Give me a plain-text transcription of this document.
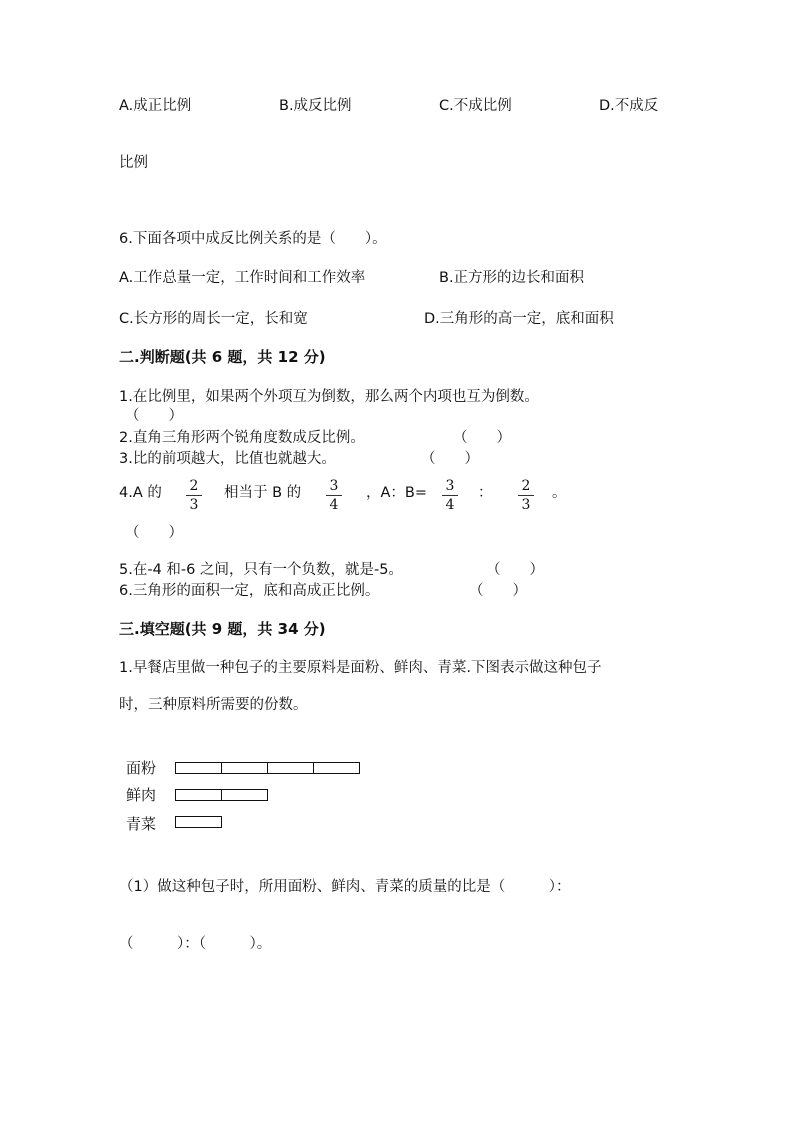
A.成正比例	B.成反比例	C.不成比例	D.不成反
比例
6.下面各项中成反比例关系的是（　　）。
A.工作总量一定，工作时间和工作效率	B.正方形的边长和面积
C.长方形的周长一定，长和宽	D.三角形的高一定，底和面积
二.判断题(共 6 题，共 12 分)
1.在比例里，如果两个外项互为倒数，那么两个内项也互为倒数。
（　　）
2.直角三角形两个锐角度数成反比例。	（　　）
3.比的前项越大，比值也就越大。	（　　）
4.A 的	2
3
相当于 B 的	3
4
，A：B=	3
4
：	2
3
。
（　　）
5.在-4 和-6 之间，只有一个负数，就是-5。	（　　）
6.三角形的面积一定，底和高成正比例。	（　　）
三.填空题(共 9 题，共 34 分)
1.早餐店里做一种包子的主要原料是面粉、鲜肉、青菜.下图表示做这种包子
时，三种原料所需要的份数。
面粉
鲜肉
青菜
（1）做这种包子时，所用面粉、鲜肉、青菜的质量的比是（　　　）：
（　　　）：（　　　）。
